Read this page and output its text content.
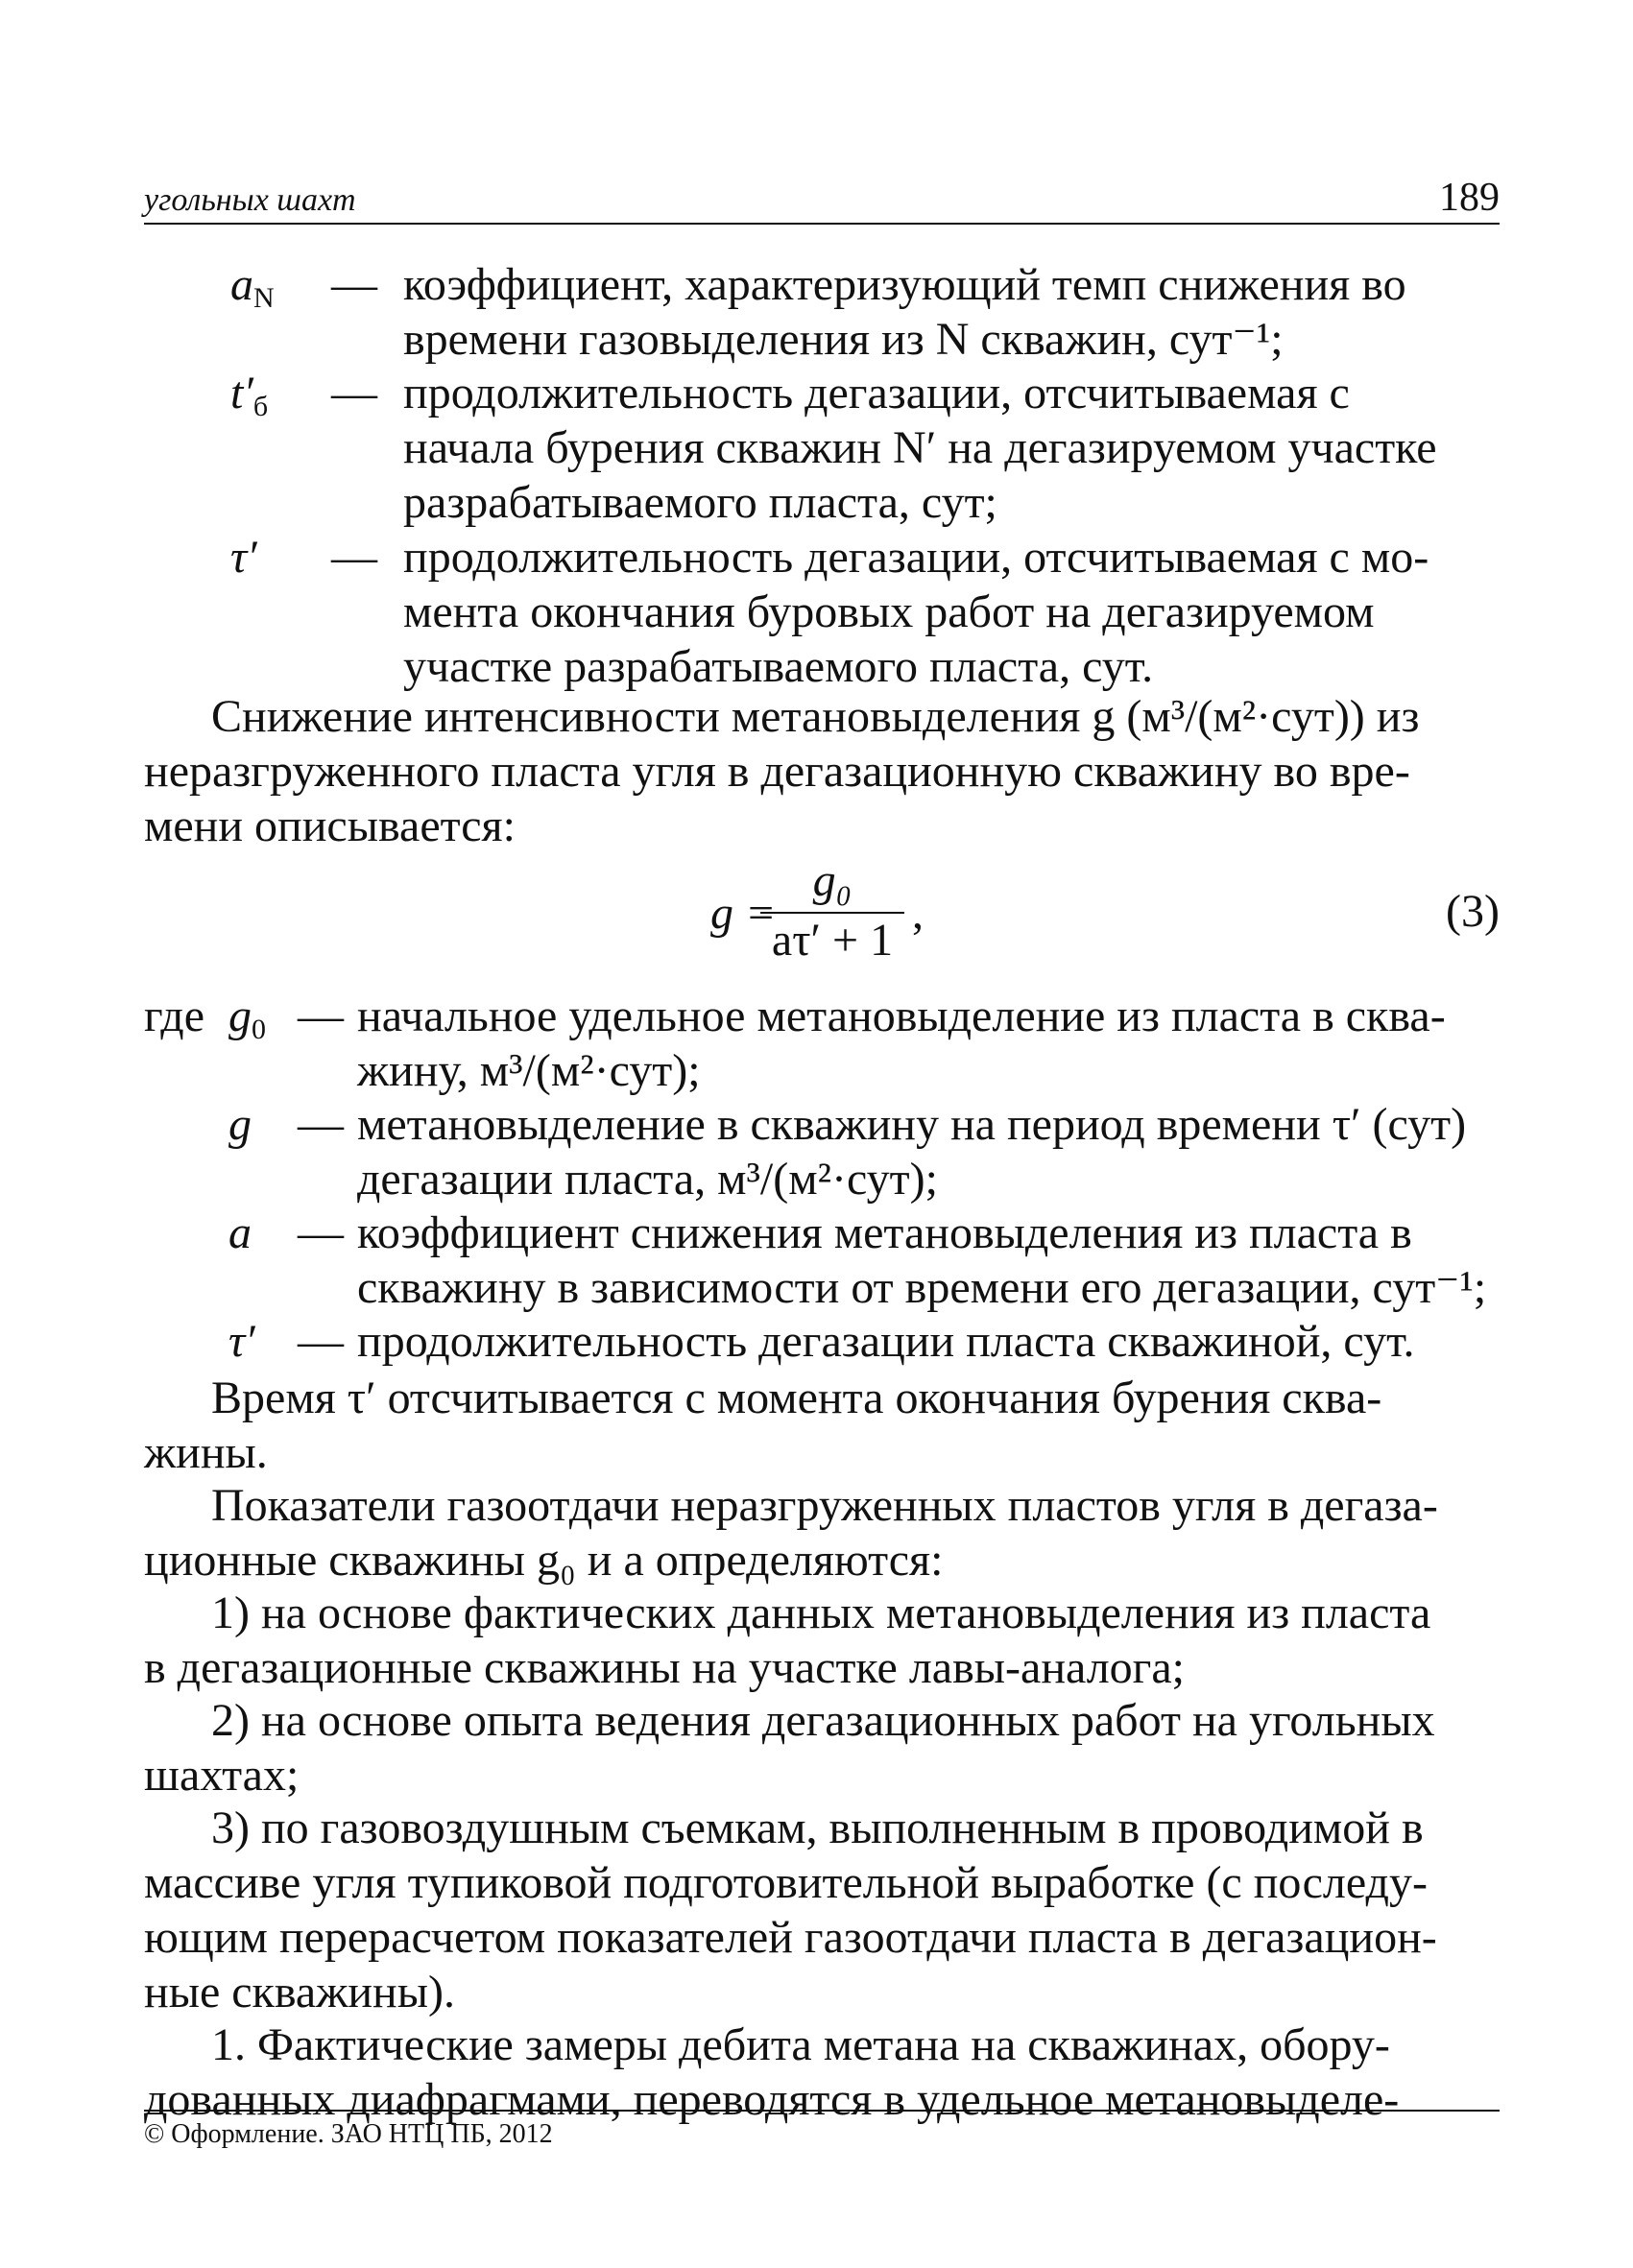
угольных шахт	189
$a_N$ — коэффициент, характеризующий темп снижения во
времени газовыделения из N скважин, сут⁻¹;
$t'_б$ — продолжительность дегазации, отсчитываемая с
начала бурения скважин N′ на дегазируемом участке
разрабатываемого пласта, сут;
τ′ — продолжительность дегазации, отсчитываемая с мо-
мента окончания буровых работ на дегазируемом
участке разрабатываемого пласта, сут.
Снижение интенсивности метановыделения g (м³/(м²·сут)) из
неразгруженного пласта угля в дегазационную скважину во вре-
мени описывается:
g =
g₀
aτ′ + 1
,	(3)
где $g_0$ — начальное удельное метановыделение из пласта в сква-
жину, м³/(м²·сут);
g — метановыделение в скважину на период времени τ′ (сут)
дегазации пласта, м³/(м²·сут);
a — коэффициент снижения метановыделения из пласта в
скважину в зависимости от времени его дегазации, сут⁻¹;
τ′ — продолжительность дегазации пласта скважиной, сут.
Время τ′ отсчитывается с момента окончания бурения сква-
жины.
Показатели газоотдачи неразгруженных пластов угля в дегаза-
ционные скважины g₀ и a определяются:
1) на основе фактических данных метановыделения из пласта
в дегазационные скважины на участке лавы-аналога;
2) на основе опыта ведения дегазационных работ на угольных
шахтах;
3) по газовоздушным съемкам, выполненным в проводимой в
массиве угля тупиковой подготовительной выработке (с последу-
ющим перерасчетом показателей газоотдачи пласта в дегазацион-
ные скважины).
1. Фактические замеры дебита метана на скважинах, обору-
дованных диафрагмами, переводятся в удельное метановыделе-
© Оформление. ЗАО НТЦ ПБ, 2012
